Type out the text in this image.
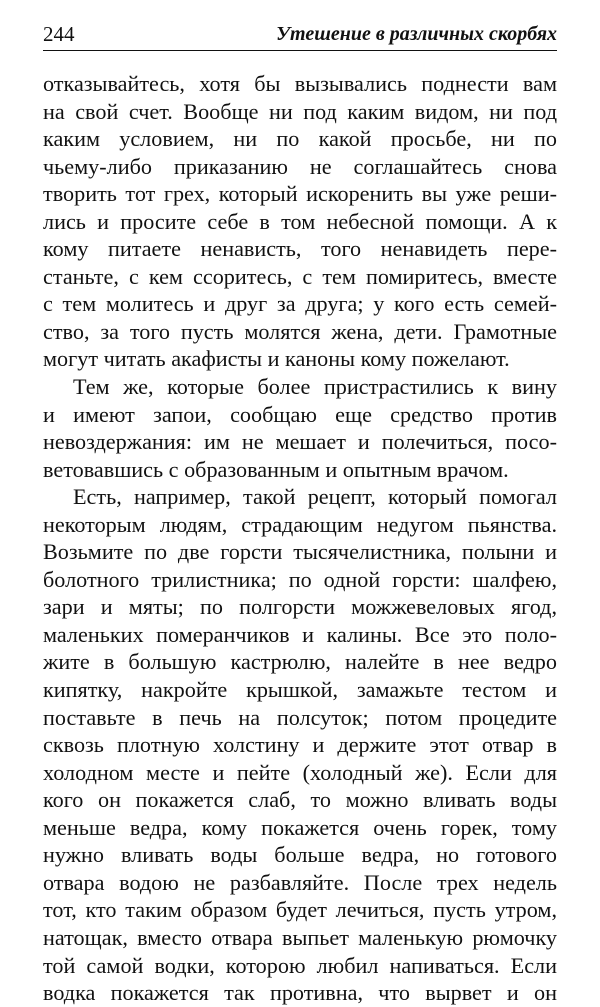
244	Утешение в различных скорбях
отказывайтесь, хотя бы вызывались поднести вам
на свой счет. Вообще ни под каким видом, ни под
каким условием, ни по какой просьбе, ни по
чьему-либо приказанию не соглашайтесь снова
творить тот грех, который искоренить вы уже реши-
лись и просите себе в том небесной помощи. А к
кому питаете ненависть, того ненавидеть пере-
станьте, с кем ссоритесь, с тем помиритесь, вместе
с тем молитесь и друг за друга; у кого есть семей-
ство, за того пусть молятся жена, дети. Грамотные
могут читать акафисты и каноны кому пожелают.
Тем же, которые более пристрастились к вину
и имеют запои, сообщаю еще средство против
невоздержания: им не мешает и полечиться, посо-
ветовавшись с образованным и опытным врачом.
Есть, например, такой рецепт, который помогал
некоторым людям, страдающим недугом пьянства.
Возьмите по две горсти тысячелистника, полыни и
болотного трилистника; по одной горсти: шалфею,
зари и мяты; по полгорсти можжевеловых ягод,
маленьких померанчиков и калины. Все это поло-
жите в большую кастрюлю, налейте в нее ведро
кипятку, накройте крышкой, замажьте тестом и
поставьте в печь на полсуток; потом процедите
сквозь плотную холстину и держите этот отвар в
холодном месте и пейте (холодный же). Если для
кого он покажется слаб, то можно вливать воды
меньше ведра, кому покажется очень горек, тому
нужно вливать воды больше ведра, но готового
отвара водою не разбавляйте. После трех недель
тот, кто таким образом будет лечиться, пусть утром,
натощак, вместо отвара выпьет маленькую рюмочку
той самой водки, которою любил напиваться. Если
водка покажется так противна, что вырвет и он
